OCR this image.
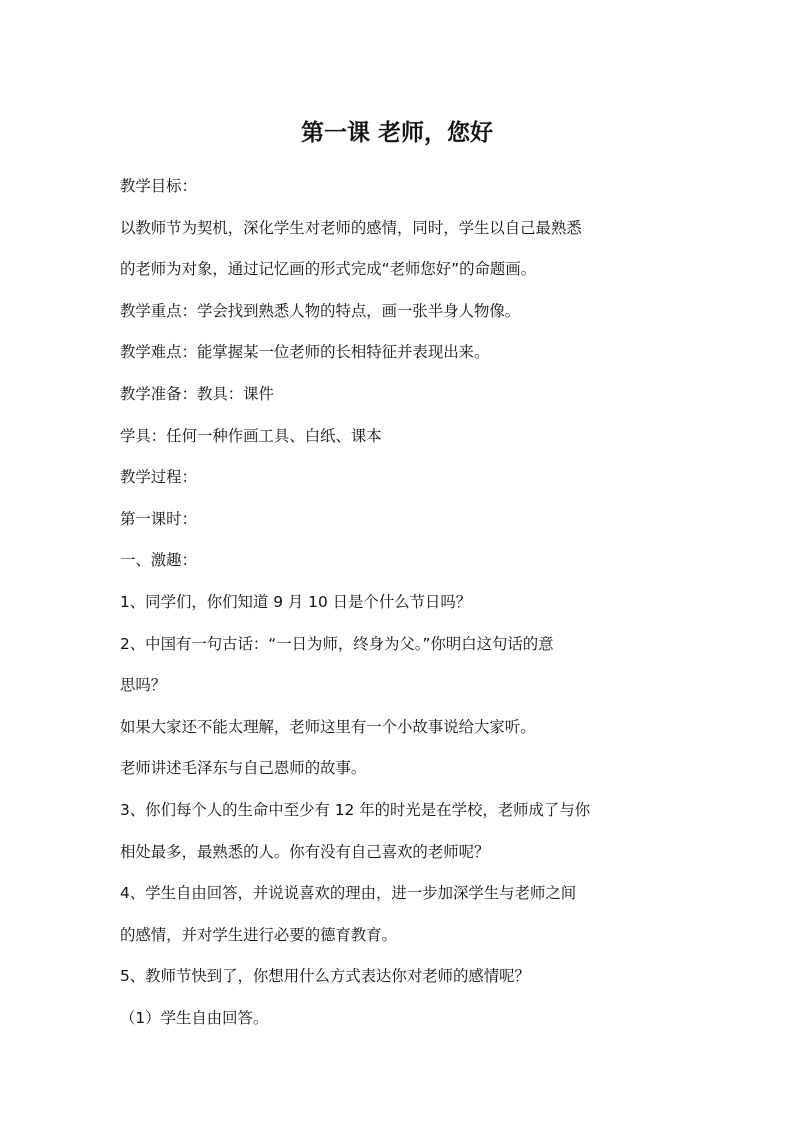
第一课 老师，您好

教学目标：

以教师节为契机，深化学生对老师的感情，同时，学生以自己最熟悉

的老师为对象，通过记忆画的形式完成“老师您好”的命题画。

教学重点：学会找到熟悉人物的特点，画一张半身人物像。

教学难点：能掌握某一位老师的长相特征并表现出来。

教学准备：教具：课件

学具：任何一种作画工具、白纸、课本

教学过程：

第一课时：

一、激趣：

1、同学们，你们知道 9 月 10 日是个什么节日吗？

2、中国有一句古话：“一日为师，终身为父。”你明白这句话的意

思吗？

如果大家还不能太理解，老师这里有一个小故事说给大家听。

老师讲述毛泽东与自己恩师的故事。

3、你们每个人的生命中至少有 12 年的时光是在学校，老师成了与你

相处最多，最熟悉的人。你有没有自己喜欢的老师呢？

4、学生自由回答，并说说喜欢的理由，进一步加深学生与老师之间

的感情，并对学生进行必要的德育教育。

5、教师节快到了，你想用什么方式表达你对老师的感情呢？

（1）学生自由回答。
